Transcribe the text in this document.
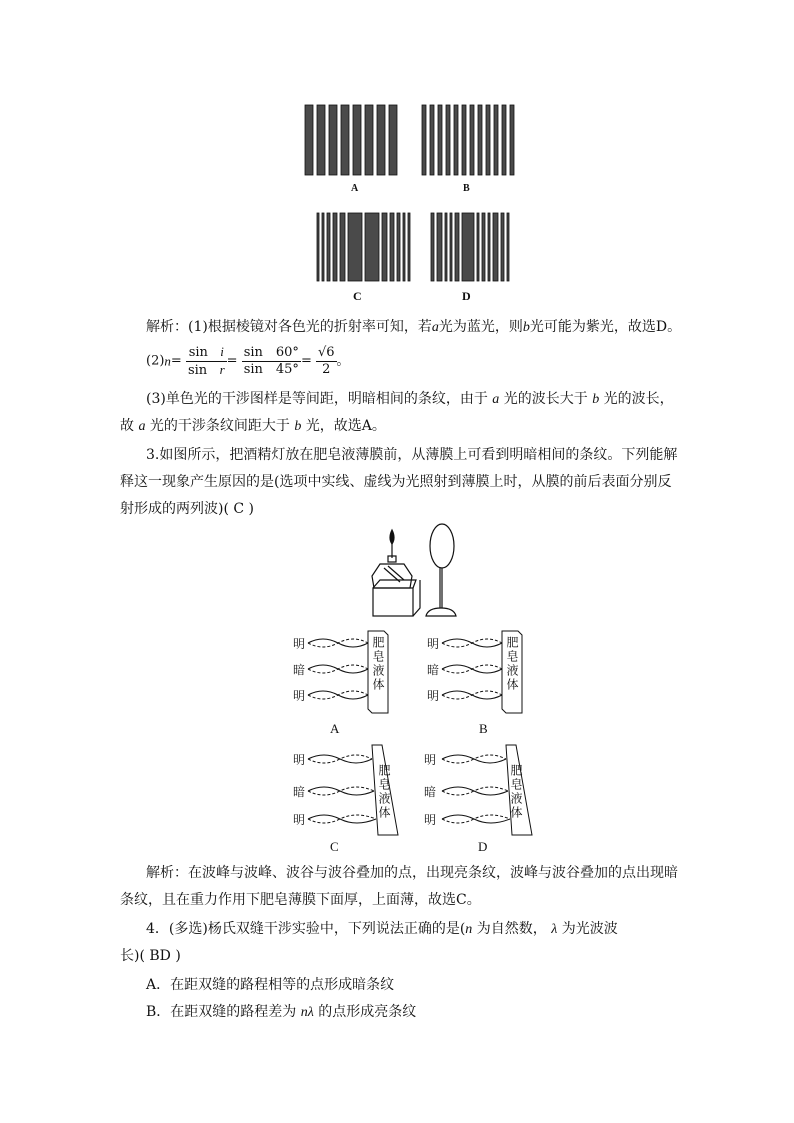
A	B
C	D
解析：(1)根据棱镜对各色光的折射率可知，若a光为蓝光，则b光可能为紫光，故选D。
$(2)n= \frac{\text{sin i}}{\text{sin r}} = \frac{\sin 60^\circ}{\sin 45^\circ} = \frac{√6}{2}$ 。
(3)单色光的干涉图样是等间距，明暗相间的条纹，由于 a 光的波长大于 b 光的波长，
故 a 光的干涉条纹间距大于 b 光，故选A。
3.如图所示，把酒精灯放在肥皂液薄膜前，从薄膜上可看到明暗相间的条纹。下列能解
释这一现象产生原因的是(选项中实线、虚线为光照射到薄膜上时，从膜的前后表面分别反
射形成的两列波)( C )
明
暗
明
肥皂液体
A
明
暗
明
肥皂液体
B
明
暗
明	肥皂液体
C
明
暗
明	肥皂液体
D
解析：在波峰与波峰、波谷与波谷叠加的点，出现亮条纹，波峰与波谷叠加的点出现暗
条纹，且在重力作用下肥皂薄膜下面厚，上面薄，故选C。
4．(多选)杨氏双缝干涉实验中，下列说法正确的是(n 为自然数， λ 为光波波
长)( BD )
A．在距双缝的路程相等的点形成暗条纹
B．在距双缝的路程差为 nλ 的点形成亮条纹
